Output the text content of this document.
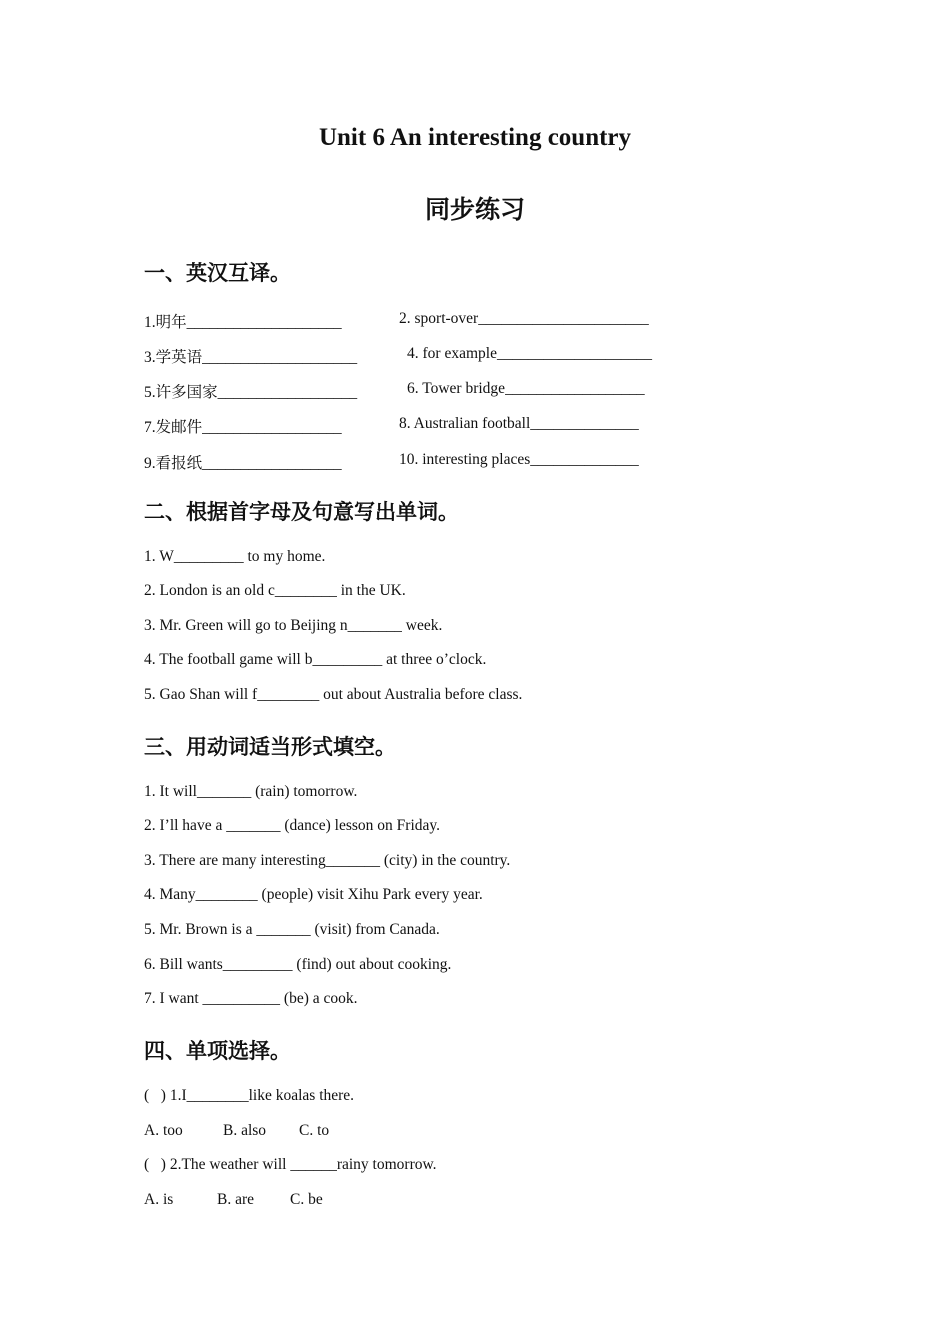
Unit 6 An interesting country
同步练习
一、英汉互译。
1.明年____________________	2. sport-over______________________
3.学英语____________________	4. for example____________________
5.许多国家__________________	6. Tower bridge__________________
7.发邮件__________________	8. Australian football______________
9.看报纸__________________	10. interesting places______________
二、根据首字母及句意写出单词。
1. W_________ to my home.
2. London is an old c________ in the UK.
3. Mr. Green will go to Beijing n_______ week.
4. The football game will b_________ at three o’clock.
5. Gao Shan will f________ out about Australia before class.
三、用动词适当形式填空。
1. It will_______ (rain) tomorrow.
2. I’ll have a _______ (dance) lesson on Friday.
3. There are many interesting_______ (city) in the country.
4. Many________ (people) visit Xihu Park every year.
5. Mr. Brown is a _______ (visit) from Canada.
6. Bill wants_________ (find) out about cooking.
7. I want __________ (be) a cook.
四、单项选择。
(   ) 1.I________like koalas there.
A. too	B. also C. to
(   ) 2.The weather will ______rainy tomorrow.
A. is	B. are C. be
